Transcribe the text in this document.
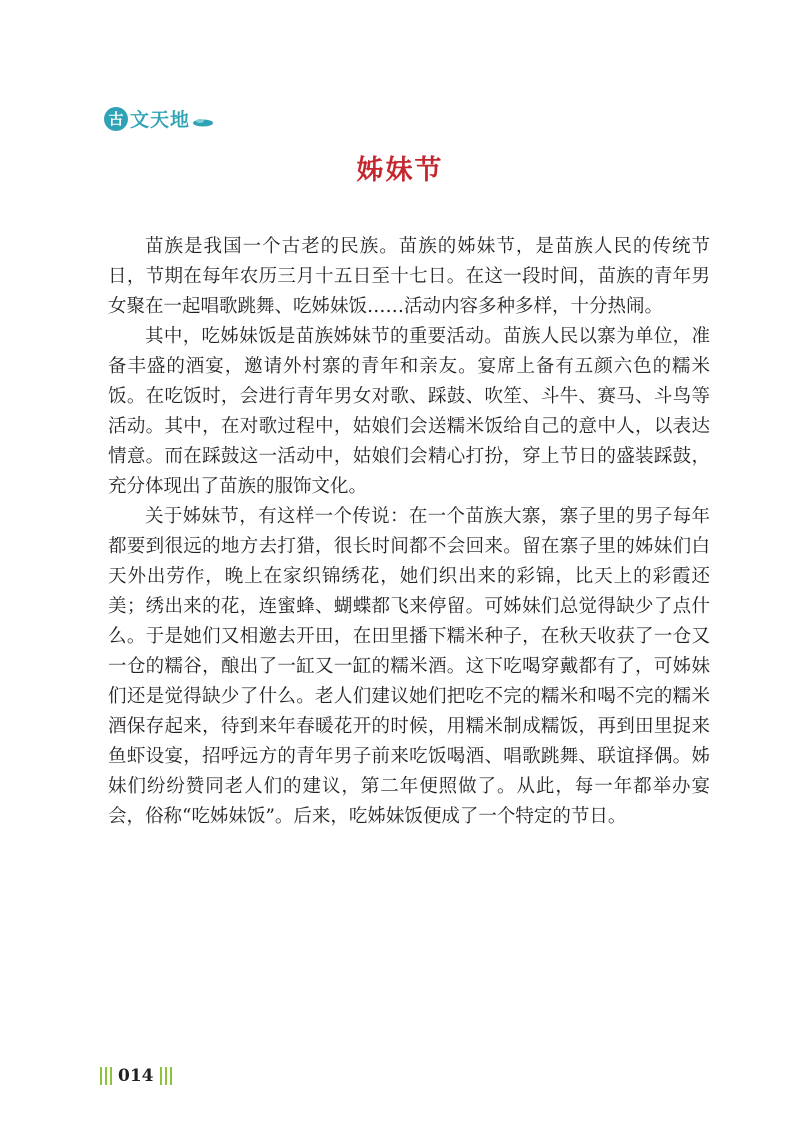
古 文天地
姊妹节

苗族是我国一个古老的民族。苗族的姊妹节，是苗族人民的传统节日，节期在每年农历三月十五日至十七日。在这一段时间，苗族的青年男女聚在一起唱歌跳舞、吃姊妹饭……活动内容多种多样，十分热闹。

其中，吃姊妹饭是苗族姊妹节的重要活动。苗族人民以寨为单位，准备丰盛的酒宴，邀请外村寨的青年和亲友。宴席上备有五颜六色的糯米饭。在吃饭时，会进行青年男女对歌、踩鼓、吹笙、斗牛、赛马、斗鸟等活动。其中，在对歌过程中，姑娘们会送糯米饭给自己的意中人，以表达情意。而在踩鼓这一活动中，姑娘们会精心打扮，穿上节日的盛装踩鼓，充分体现出了苗族的服饰文化。

关于姊妹节，有这样一个传说：在一个苗族大寨，寨子里的男子每年都要到很远的地方去打猎，很长时间都不会回来。留在寨子里的姊妹们白天外出劳作，晚上在家织锦绣花，她们织出来的彩锦，比天上的彩霞还美；绣出来的花，连蜜蜂、蝴蝶都飞来停留。可姊妹们总觉得缺少了点什么。于是她们又相邀去开田，在田里播下糯米种子，在秋天收获了一仓又一仓的糯谷，酿出了一缸又一缸的糯米酒。这下吃喝穿戴都有了，可姊妹们还是觉得缺少了什么。老人们建议她们把吃不完的糯米和喝不完的糯米酒保存起来，待到来年春暖花开的时候，用糯米制成糯饭，再到田里捉来鱼虾设宴，招呼远方的青年男子前来吃饭喝酒、唱歌跳舞、联谊择偶。姊妹们纷纷赞同老人们的建议，第二年便照做了。从此，每一年都举办宴会，俗称“吃姊妹饭”。后来，吃姊妹饭便成了一个特定的节日。

014
